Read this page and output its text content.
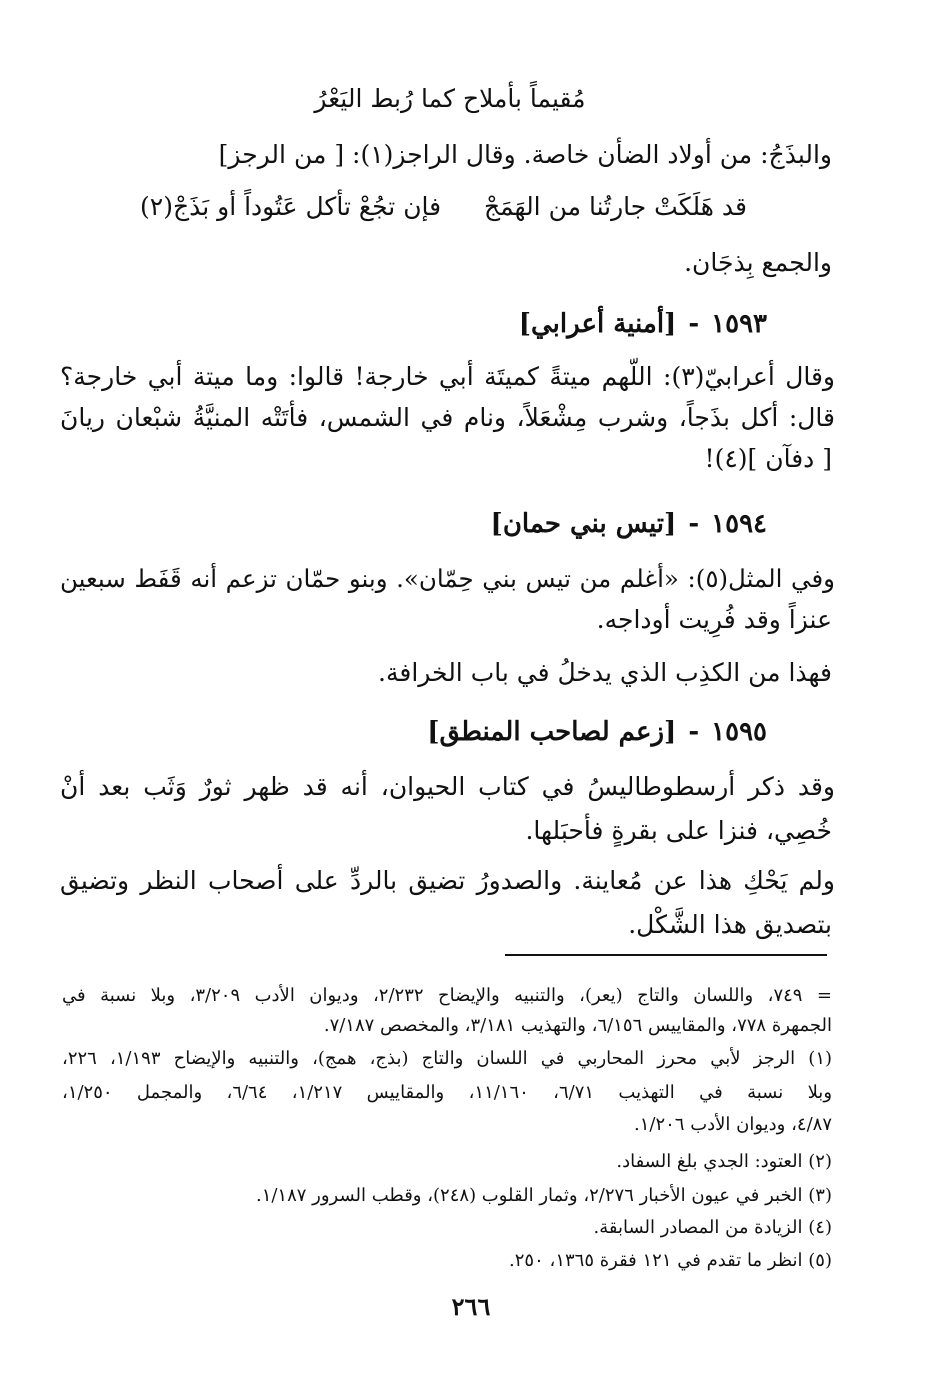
مُقيماً بأملاح كما رُبط اليَعْرُ
والبذَجُ: من أولاد الضأن خاصة. وقال الراجز(١): [ من الرجز]
قد هَلَكَتْ جارتُنا من الهَمَجْ
فإن تجُعْ تأكل عَتُوداً أو بَذَجْ(٢)
والجمع بِذجَان.
١٥٩٣-[أمنية أعرابي]
وقال أعرابيّ(٣): اللّهم ميتةً كميتَة أبي خارجة! قالوا: وما ميتة أبي خارجة؟
قال: أكل بذَجاً، وشرب مِشْعَلاً، ونام في الشمس، فأتَتْه المنيَّةُ شبْعان ريانَ
[ دفآن ](٤)!
١٥٩٤-[تيس بني حمان]
وفي المثل(٥): «أغلم من تيس بني حِمّان». وبنو حمّان تزعم أنه قَفَط سبعين
عنزاً وقد فُرِيت أوداجه.
فهذا من الكذِب الذي يدخلُ في باب الخرافة.
١٥٩٥-[زعم لصاحب المنطق]
وقد ذكر أرسطوطاليسُ في كتاب الحيوان، أنه قد ظهر ثورٌ وَثَب بعد أنْ
خُصِي، فنزا على بقرةٍ فأحبَلها.
ولم يَحْكِ هذا عن مُعاينة. والصدورُ تضيق بالردِّ على أصحاب النظر وتضيق
بتصديق هذا الشَّكْل.
= ٧٤٩، واللسان والتاج (يعر)، والتنبيه والإيضاح ٢/٢٣٢، وديوان الأدب ٣/٢٠٩، وبلا نسبة في
الجمهرة ٧٧٨، والمقاييس ٦/١٥٦، والتهذيب ٣/١٨١، والمخصص ٧/١٨٧.
(١) الرجز لأبي محرز المحاربي في اللسان والتاج (بذج، همج)، والتنبيه والإيضاح ١/١٩٣، ٢٢٦،
وبلا نسبة في التهذيب ٦/٧١، ١١/١٦٠، والمقاييس ١/٢١٧، ٦/٦٤، والمجمل ١/٢٥٠،
٤/٨٧، وديوان الأدب ١/٢٠٦.
(٢) العتود: الجدي بلغ السفاد.
(٣) الخبر في عيون الأخبار ٢/٢٧٦، وثمار القلوب (٢٤٨)، وقطب السرور ١/١٨٧.
(٤) الزيادة من المصادر السابقة.
(٥) انظر ما تقدم في ١٢١ فقرة ١٣٦٥، ٢٥٠.
٢٦٦
